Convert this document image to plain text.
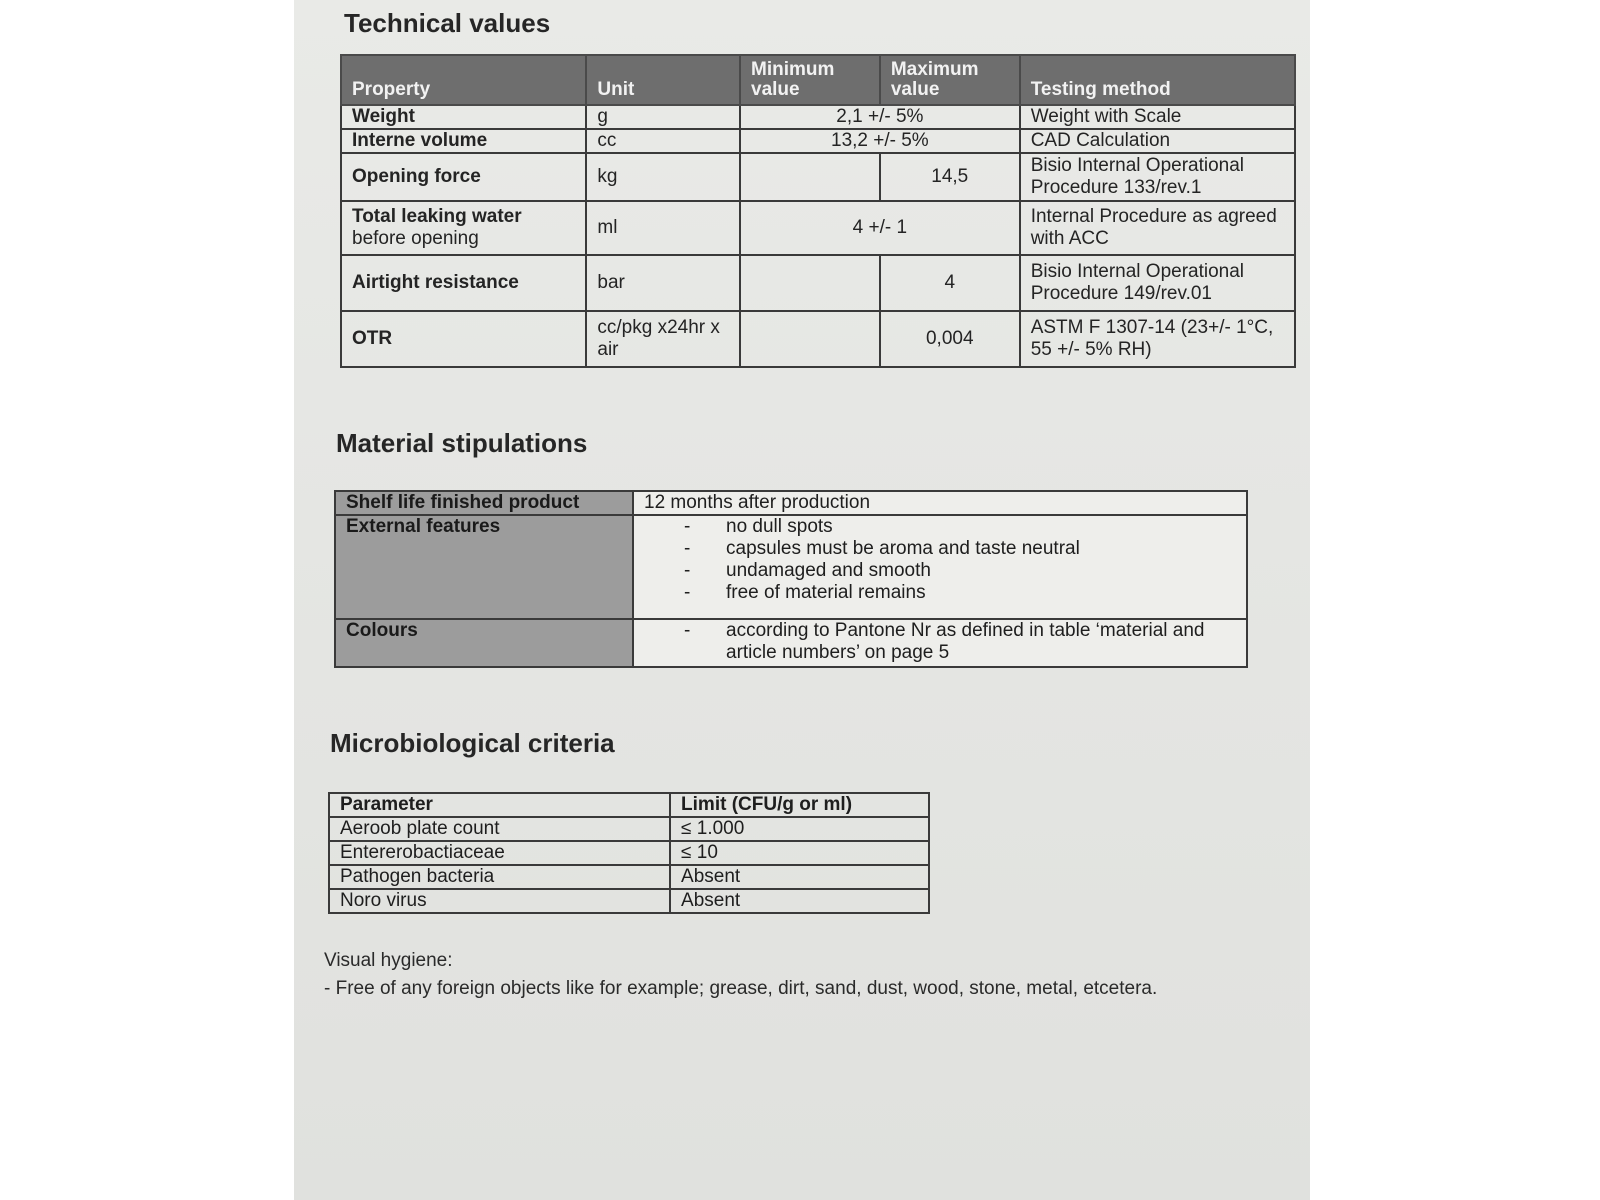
Technical values
Property	Unit	Minimum value	Maximum value	Testing method
Weight	g	2,1 +/- 5%		Weight with Scale
Interne volume	cc	13,2 +/- 5%		CAD Calculation
Opening force	kg		14,5	Bisio Internal Operational Procedure 133/rev.1
Total leaking water
before opening	ml	4 +/- 1		Internal Procedure as agreed with ACC
Airtight resistance	bar		4	Bisio Internal Operational Procedure 149/rev.01
OTR	cc/pkg x24hr x air		0,004	ASTM F 1307-14 (23+/- 1°C, 55 +/- 5% RH)
Material stipulations
Shelf life finished product	12 months after production
External features	- no dull spots
- capsules must be aroma and taste neutral
- undamaged and smooth
- free of material remains

Colours	- according to Pantone Nr as defined in table ‘material and article numbers’ on page 5
Microbiological criteria
Parameter	Limit (CFU/g or ml)
Aeroob plate count	≤ 1.000
Entererobactiaceae	≤ 10
Pathogen bacteria	Absent
Noro virus	Absent
Visual hygiene:
- Free of any foreign objects like for example; grease, dirt, sand, dust, wood, stone, metal, etcetera.
